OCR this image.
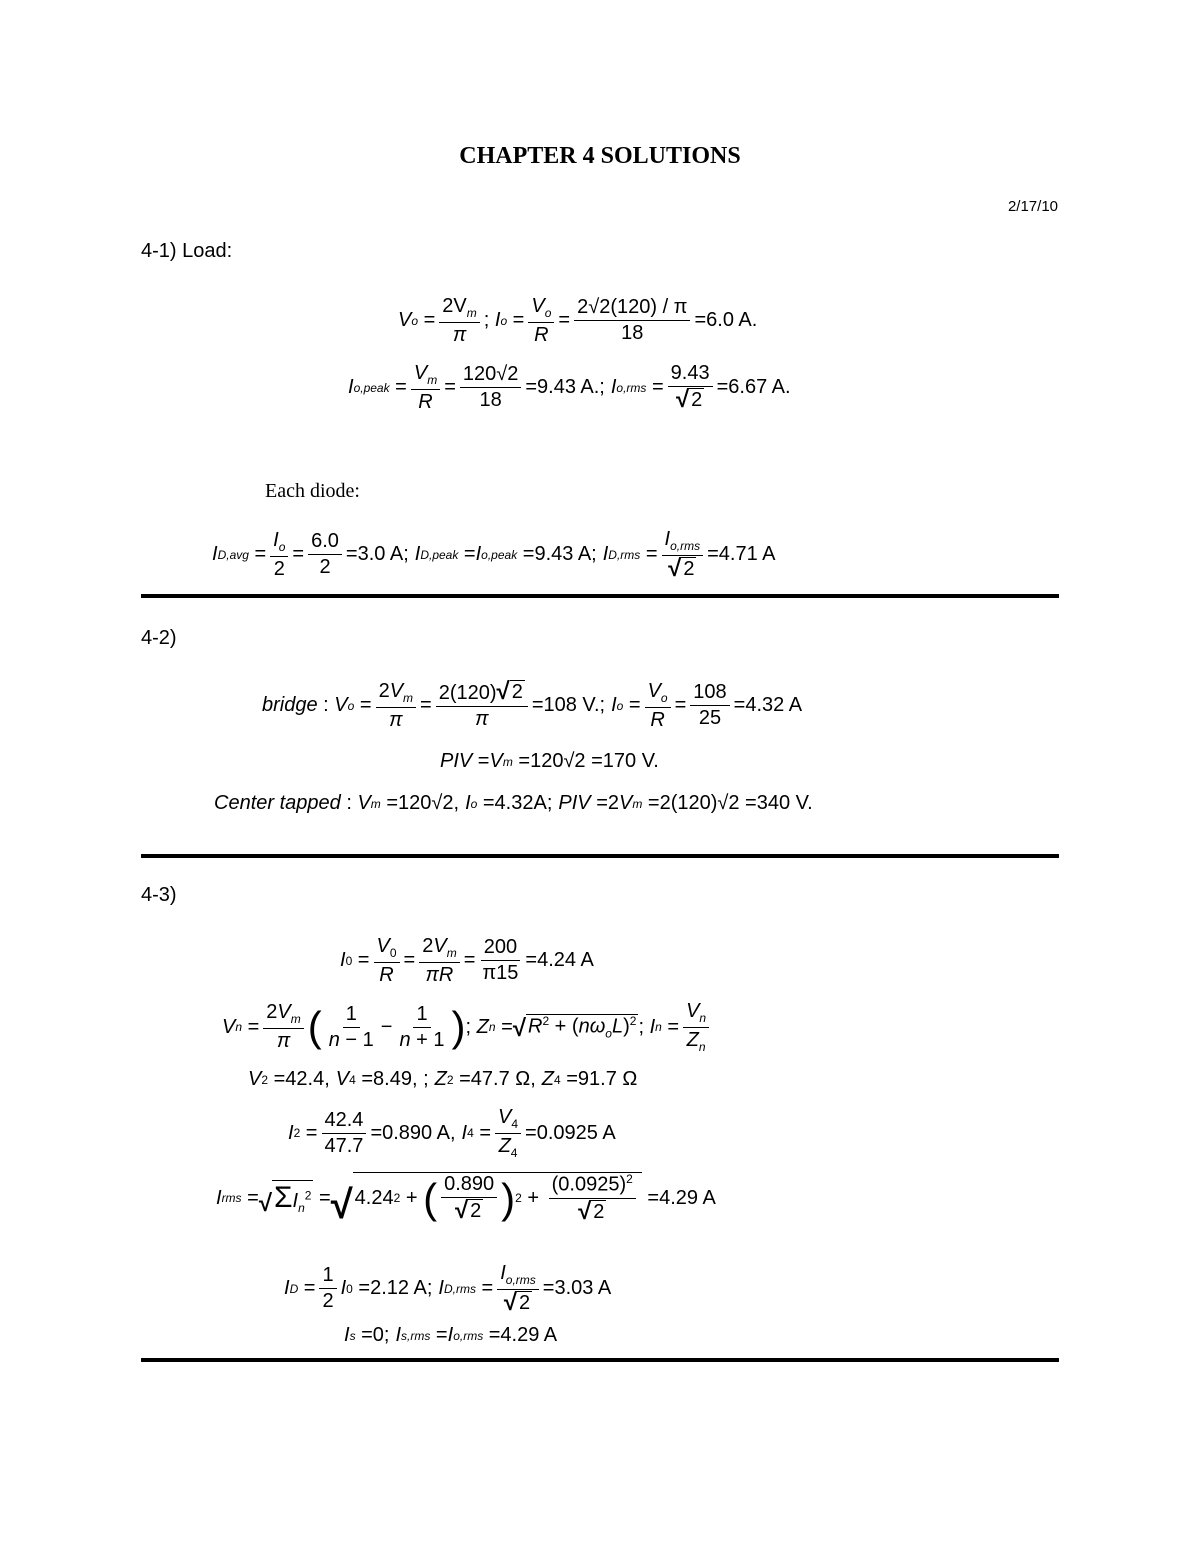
CHAPTER 4 SOLUTIONS
2/17/10
4-1) Load:
V $o = \frac{2V_m}{\pi}$ ; I $o = \frac{V_o}{R} = \frac{2√2(120) / \pi}{18} =6.0$ A.
I o,peak = $\frac{V_m}{R} = \frac{120√2}{18} =9.43$ A.; I $o,rms = \frac{9.43}{√ 2} =6.67$ A.
Each diode:
I $D,avg = \frac{I_o}{2} = \frac{6.0}{2} =3.0$ A; I D,peak = I o,peak
=9.43 A; I $D,rms = \frac{I_{o,rms}}{√ 2} =4.71$ A
4-2)
bridge : V $o = \frac{2V_m}{\pi} = \frac{2(120) √ 2}{\pi} =108$ V.; I $o = \frac{V_o}{R} = \frac{108}{25} =4.32$ A
PIV = V m
=120√2 =170 V.
Center tapped : V m
=120√2, I o
=4.32A; PIV =2 V m
=2(120)√2 =340 V.
4-3)
I $0 = \frac{V_0}{R} = \frac{2V_m}{\pi R} = \frac{200}{\pi 15} =4.24$ A
V $n = \frac{2V_m}{\pi}$ ( $\frac{1}{n - 1} - \frac{1}{n + 1}$ ) ; Z n = √ $R^2 + (n\omega_oL)^2$ ; I $n = \frac{V_n}{Z_n}$
V 2
=42.4, V 4
=8.49, ; Z 2
=47.7 Ω, Z 4
=91.7 Ω
I $2 = \frac{42.4}{47.7} =0.890$ A, I $4 = \frac{V_4}{Z_4} =0.0925$ A
I rms = √ $\Sigma I_n^2$ = √ 4.24 2 + ( $\frac{0.890}{√ 2}$ ) $2 + \frac{(0.0925)^2}{√ 2}$
=4.29 A
I $D = \frac{1}{2}$ I 0
=2.12 A; I $D,rms = \frac{I_{o,rms}}{√ 2} =3.03$ A
I s
=0; I s,rms = I o,rms
=4.29 A
